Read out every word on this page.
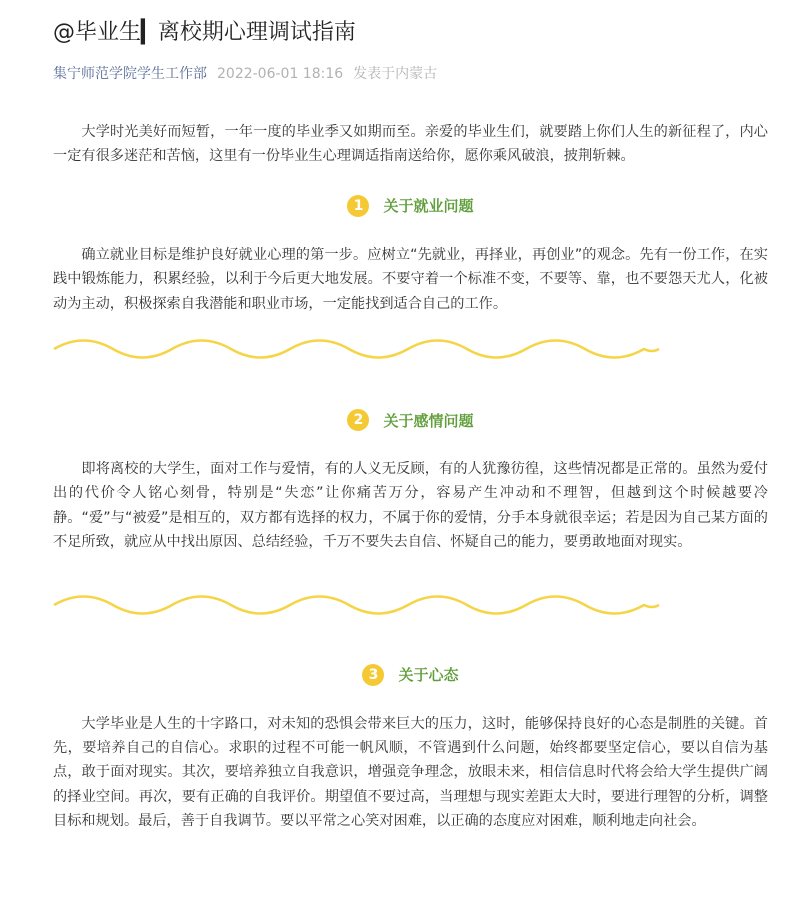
@毕业生▎离校期心理调试指南
集宁师范学院学生工作部 2022-06-01 18:16 发表于内蒙古

大学时光美好而短暂，一年一度的毕业季又如期而至。亲爱的毕业生们，就要踏上你们人生的新征程了，内心一定有很多迷茫和苦恼，这里有一份毕业生心理调适指南送给你，愿你乘风破浪，披荆斩棘。

1	关于就业问题

确立就业目标是维护良好就业心理的第一步。应树立“先就业，再择业，再创业”的观念。先有一份工作，在实践中锻炼能力，积累经验，以利于今后更大地发展。不要守着一个标准不变，不要等、靠，也不要怨天尤人，化被动为主动，积极探索自我潜能和职业市场，一定能找到适合自己的工作。

2	关于感情问题

即将离校的大学生，面对工作与爱情，有的人义无反顾，有的人犹豫彷徨，这些情况都是正常的。虽然为爱付出的代价令人铭心刻骨，特别是“失恋”让你痛苦万分，容易产生冲动和不理智，但越到这个时候越要冷静。“爱”与“被爱”是相互的，双方都有选择的权力，不属于你的爱情，分手本身就很幸运；若是因为自己某方面的不足所致，就应从中找出原因、总结经验，千万不要失去自信、怀疑自己的能力，要勇敢地面对现实。

3	关于心态

大学毕业是人生的十字路口，对未知的恐惧会带来巨大的压力，这时，能够保持良好的心态是制胜的关键。首先，要培养自己的自信心。求职的过程不可能一帆风顺，不管遇到什么问题，始终都要坚定信心，要以自信为基点，敢于面对现实。其次，要培养独立自我意识，增强竞争理念，放眼未来，相信信息时代将会给大学生提供广阔的择业空间。再次，要有正确的自我评价。期望值不要过高，当理想与现实差距太大时，要进行理智的分析，调整目标和规划。最后，善于自我调节。要以平常之心笑对困难，以正确的态度应对困难，顺利地走向社会。
